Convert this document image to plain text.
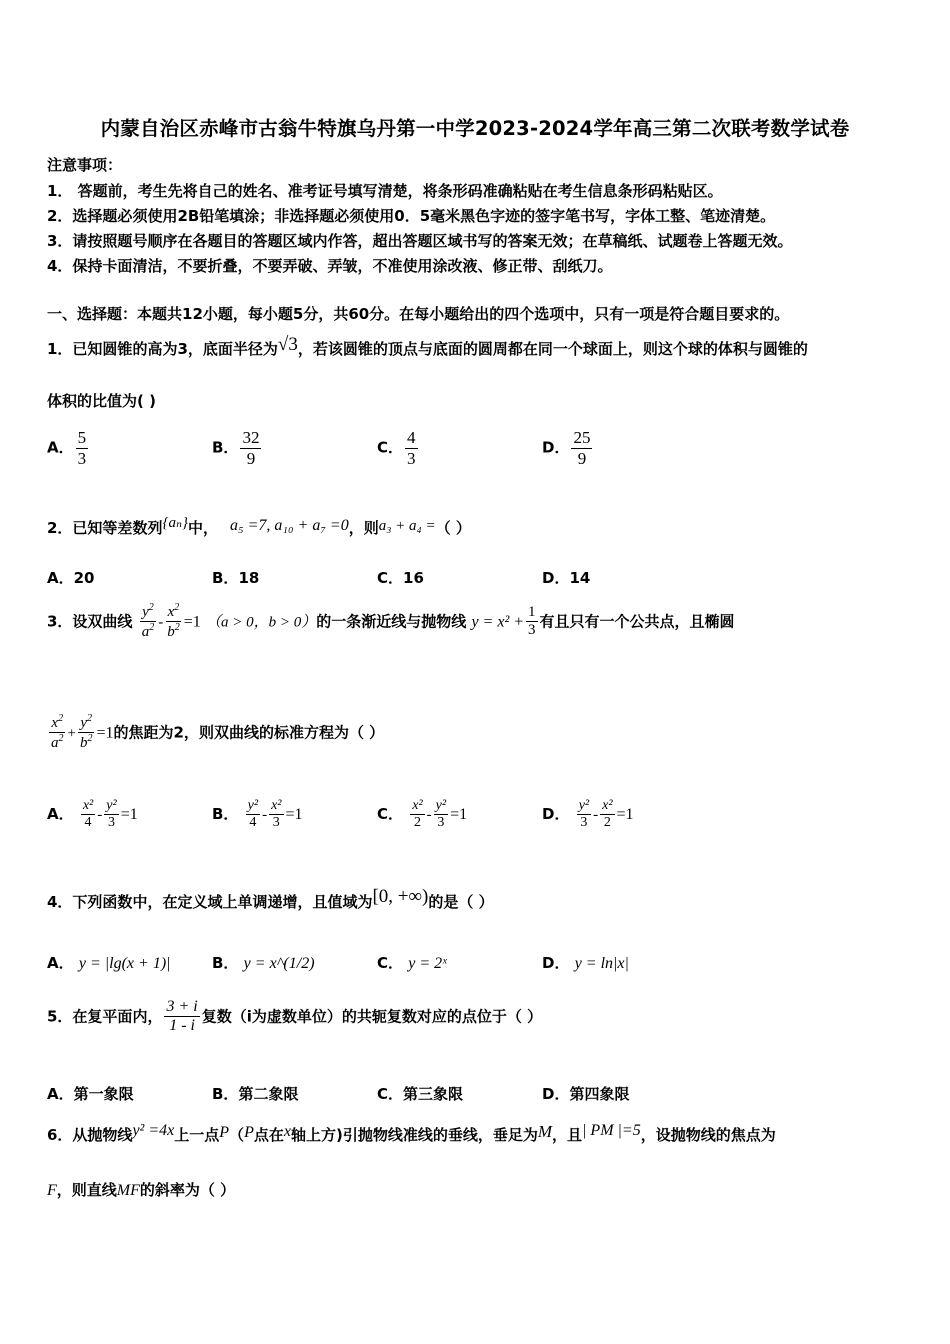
内蒙自治区赤峰市古翁牛特旗乌丹第一中学2023-2024学年高三第二次联考数学试卷
注意事项：
1． 答题前，考生先将自己的姓名、准考证号填写清楚，将条形码准确粘贴在考生信息条形码粘贴区。
2．选择题必须使用2B铅笔填涂；非选择题必须使用0．5毫米黑色字迹的签字笔书写，字体工整、笔迹清楚。
3．请按照题号顺序在各题目的答题区域内作答，超出答题区域书写的答案无效；在草稿纸、试题卷上答题无效。
4．保持卡面清洁，不要折叠，不要弄破、弄皱，不准使用涂改液、修正带、刮纸刀。
一、选择题：本题共12小题，每小题5分，共60分。在每小题给出的四个选项中，只有一项是符合题目要求的。
1．已知圆锥的高为3，底面半径为√3，若该圆锥的顶点与底面的圆周都在同一个球面上，则这个球的体积与圆锥的
体积的比值为( )
A． $\frac{5}{3}$	B． $\frac{32}{9}$	C． $\frac{4}{3}$	D． $\frac{25}{9}$
2．已知等差数列{aₙ}中， a₅ =7, a₁₀ + a₇ =0，则a₃ + a₄ =（ ）
A．20	B．18	C．16	D．14
3．设双曲线 $\frac{y^2}{a^2} - \frac{x^2}{b^2} =1$ （a > 0，b > 0）的一条渐近线与抛物线 $y = x^2 + \frac{1}{3}$ 有且只有一个公共点，且椭圆
$\frac{x^2}{a^2} + \frac{y^2}{b^2} =1$的焦距为2，则双曲线的标准方程为（ ）
A． $\frac{\text{x²}}{4} - \frac{\text{y²}}{3} =1$	B． $\frac{\text{y²}}{4} - \frac{\text{x²}}{3} =1$	C． $\frac{\text{x²}}{2} - \frac{\text{y²}}{3} =1$	D． $\frac{\text{y²}}{3} - \frac{\text{x²}}{2} =1$
4．下列函数中，在定义域上单调递增，且值域为[0, +∞)的是（ ）
A． y = |lg(x + 1)|	B． y = x^(1/2)	C． y = 2ˣ	D． y = ln|x|
5．在复平面内， $\frac{3 + i}{1 - i}$ 复数（i为虚数单位）的共轭复数对应的点位于（ ）
A．第一象限	B．第二象限	C．第三象限	D．第四象限
6．从抛物线y² =4x上一点P（P点在x轴上方)引抛物线准线的垂线，垂足为M，且| PM |=5，设抛物线的焦点为
F，则直线MF的斜率为（ ）
